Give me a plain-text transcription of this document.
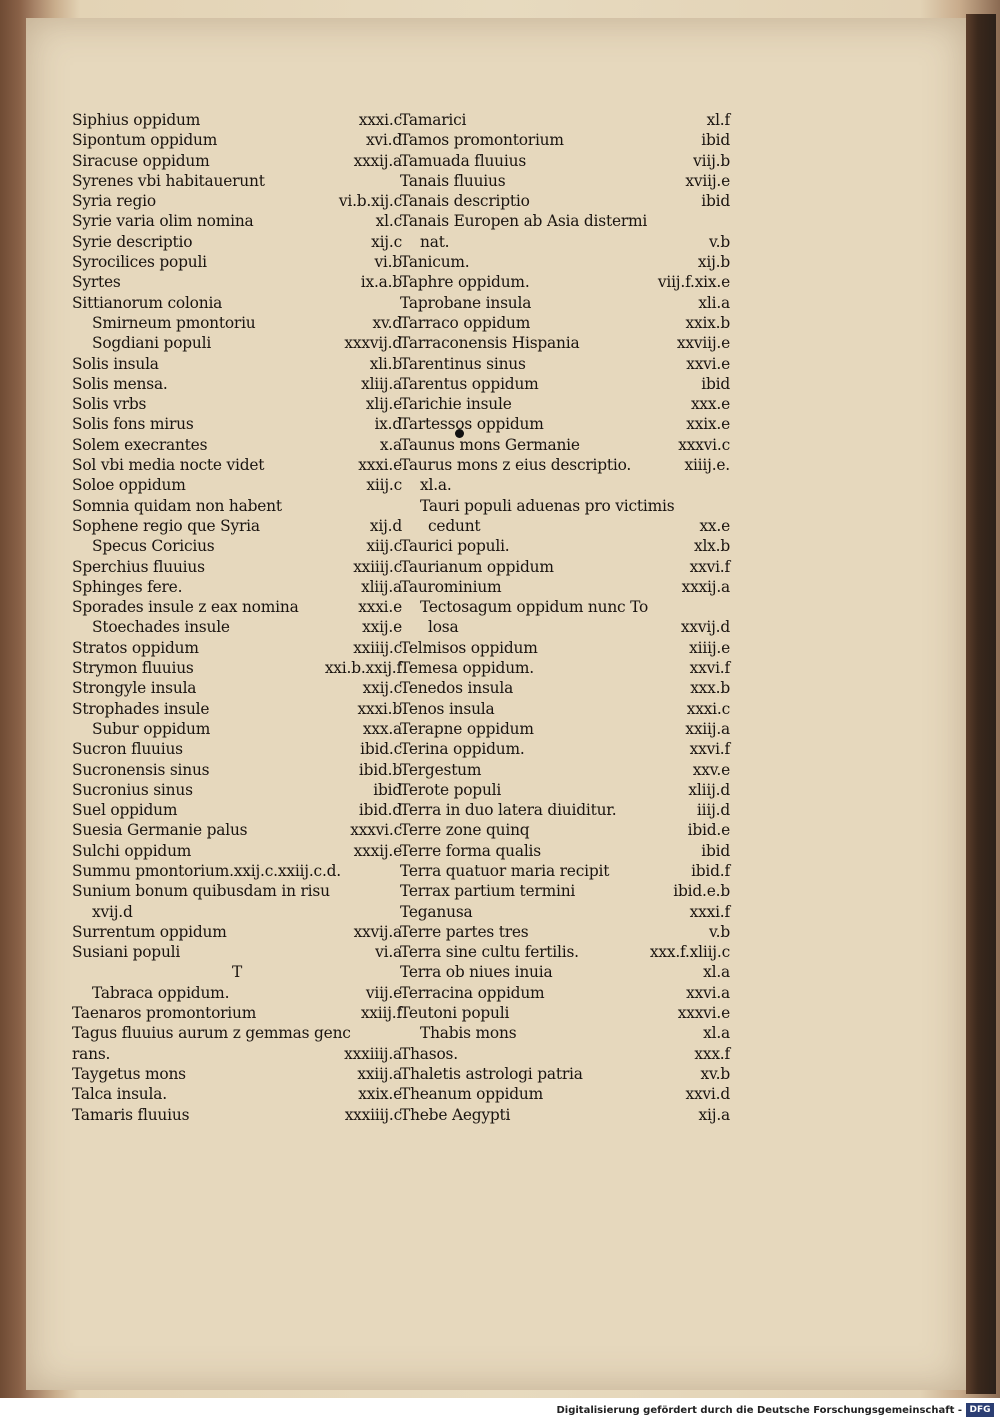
Siphius oppidum	xxxi.c
Sipontum oppidum	xvi.d
Siracuse oppidum	xxxij.a
Syrenes vbi habitauerunt
Syria regio	vi.b.xij.c
Syrie varia olim nomina	xl.c
Syrie descriptio	xij.c
Syrocilices populi	vi.b
Syrtes	ix.a.b
Sittianorum colonia
Smirneum pmontoriu	xv.d
Sogdiani populi	xxxvij.d
Solis insula	xli.b
Solis mensa.	xliij.a
Solis vrbs	xlij.e
Solis fons mirus	ix.d
Solem execrantes	x.a
Sol vbi media nocte videt	xxxi.e
Soloe oppidum	xiij.c
Somnia quidam non habent
Sophene regio que Syria	xij.d
Specus Coricius	xiij.c
Sperchius fluuius	xxiiij.c
Sphinges fere.	xliij.a
Sporades insule z eax nomina	xxxi.e
Stoechades insule	xxij.e
Stratos oppidum	xxiiij.c
Strymon fluuius	xxi.b.xxij.f
Strongyle insula	xxij.c
Strophades insule	xxxi.b
Subur oppidum	xxx.a
Sucron fluuius	ibid.c
Sucronensis sinus	ibid.b
Sucronius sinus	ibid
Suel oppidum	ibid.d
Suesia Germanie palus	xxxvi.c
Sulchi oppidum	xxxij.e
Summu pmontorium.xxij.c.xxiij.c.d.
Sunium bonum quibusdam in risu
xvij.d
Surrentum oppidum	xxvij.a
Susiani populi	vi.a
T
Tabraca oppidum.	viij.e
Taenaros promontorium	xxiij.f
Tagus fluuius aurum z gemmas genc
rans.	xxxiiij.a
Taygetus mons	xxiij.a
Talca insula.	xxix.e
Tamaris fluuius	xxxiiij.c
Tamarici	xl.f
Tamos promontorium	ibid
Tamuada fluuius	viij.b
Tanais fluuius	xviij.e
Tanais descriptio	ibid
Tanais Europen ab Asia distermi
nat.	v.b
Tanicum.	xij.b
Taphre oppidum.	viij.f.xix.e
Taprobane insula	xli.a
Tarraco oppidum	xxix.b
Tarraconensis Hispania	xxviij.e
Tarentinus sinus	xxvi.e
Tarentus oppidum	ibid
Tarichie insule	xxx.e
Tartessos oppidum	xxix.e
Taunus mons Germanie	xxxvi.c
Taurus mons z eius descriptio.	xiiij.e.
xl.a.
Tauri populi aduenas pro victimis
cedunt	xx.e
Taurici populi.	xlx.b
Taurianum oppidum	xxvi.f
Taurominium	xxxij.a
Tectosagum oppidum nunc To
losa	xxvij.d
Telmisos oppidum	xiiij.e
Temesa oppidum.	xxvi.f
Tenedos insula	xxx.b
Tenos insula	xxxi.c
Terapne oppidum	xxiij.a
Terina oppidum.	xxvi.f
Tergestum	xxv.e
Terote populi	xliij.d
Terra in duo latera diuiditur.	iiij.d
Terre zone quinq	ibid.e
Terre forma qualis	ibid
Terra quatuor maria recipit	ibid.f
Terrax partium termini	ibid.e.b
Teganusa	xxxi.f
Terre partes tres	v.b
Terra sine cultu fertilis.	xxx.f.xliij.c
Terra ob niues inuia	xl.a
Terracina oppidum	xxvi.a
Teutoni populi	xxxvi.e
Thabis mons	xl.a
Thasos.	xxx.f
Thaletis astrologi patria	xv.b
Theanum oppidum	xxvi.d
Thebe Aegypti	xij.a
Digitalisierung gefördert durch die Deutsche Forschungsgemeinschaft - DFG
